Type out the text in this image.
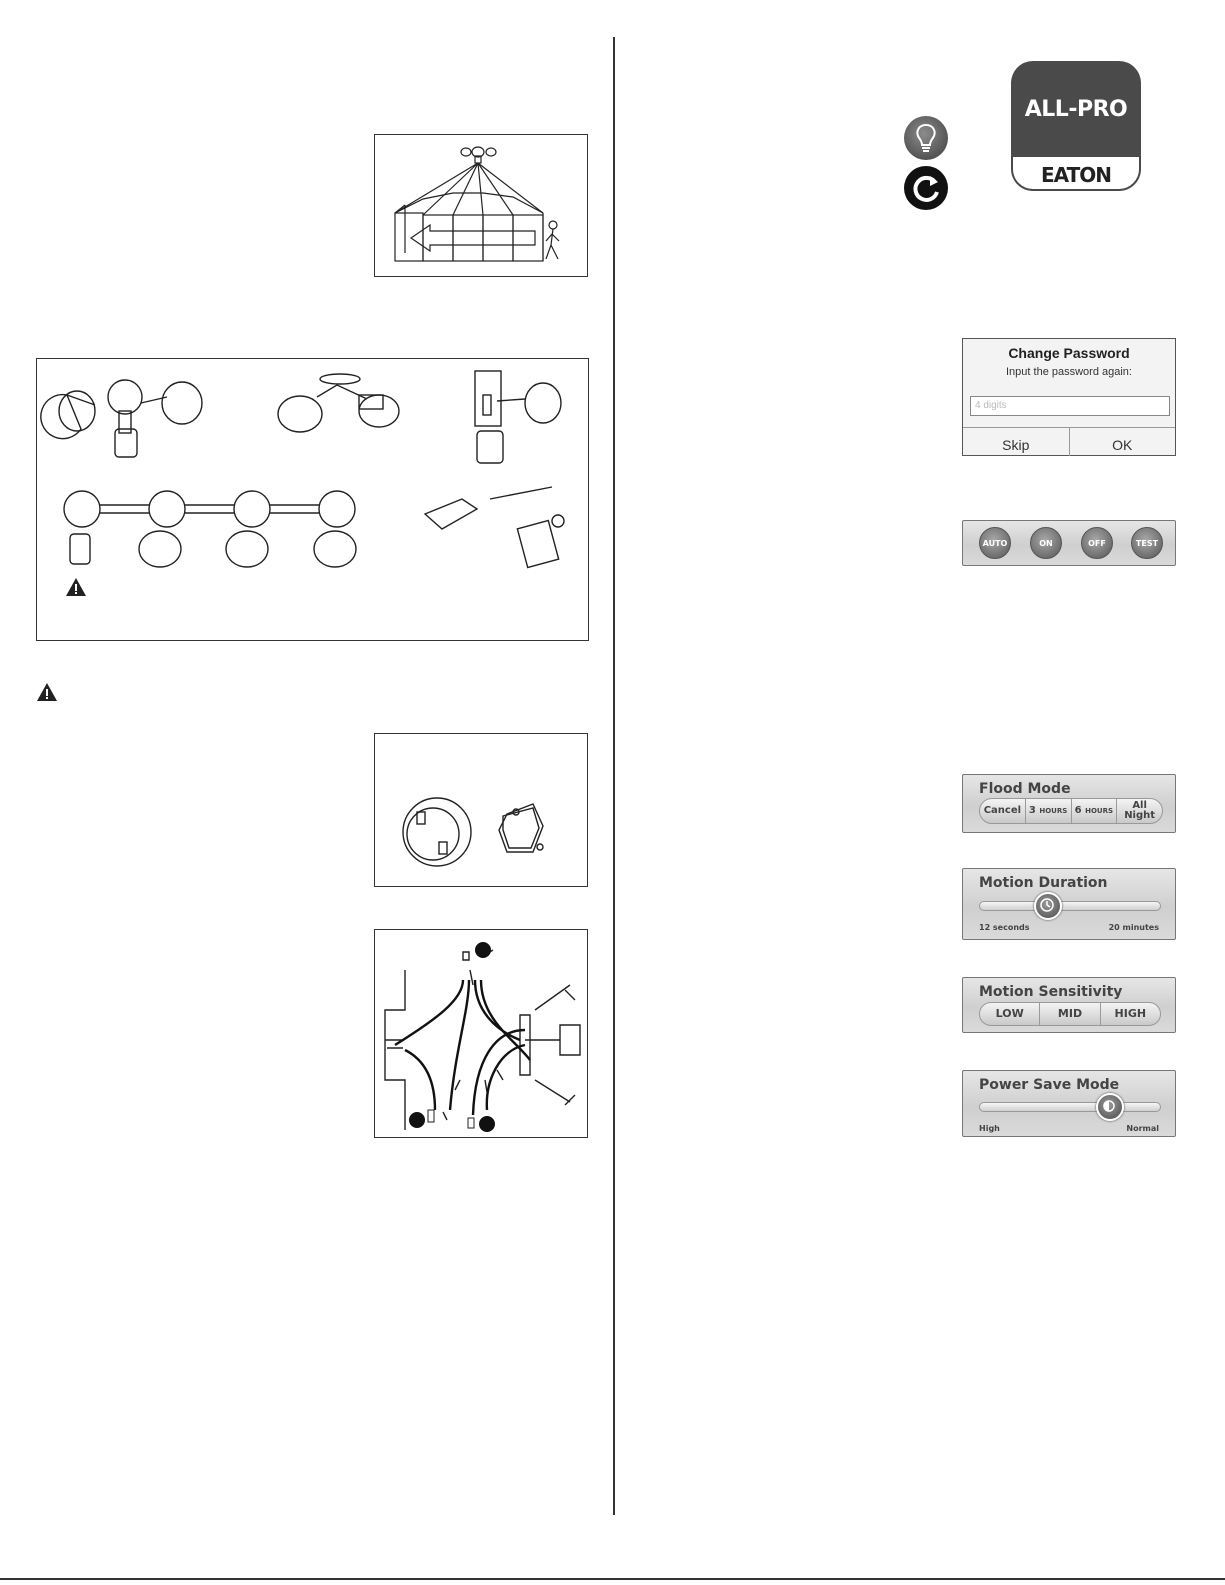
ALL-PRO
EATON
Change Password
Input the password again:
4 digits
Skip	OK
AUTO	ON	OFF	TEST
Flood Mode
Cancel 3
HOURS 6
HOURS All
Night
Motion Duration
12 seconds	20 minutes
Motion Sensitivity
LOW	MID	HIGH
Power Save Mode
High	Normal
